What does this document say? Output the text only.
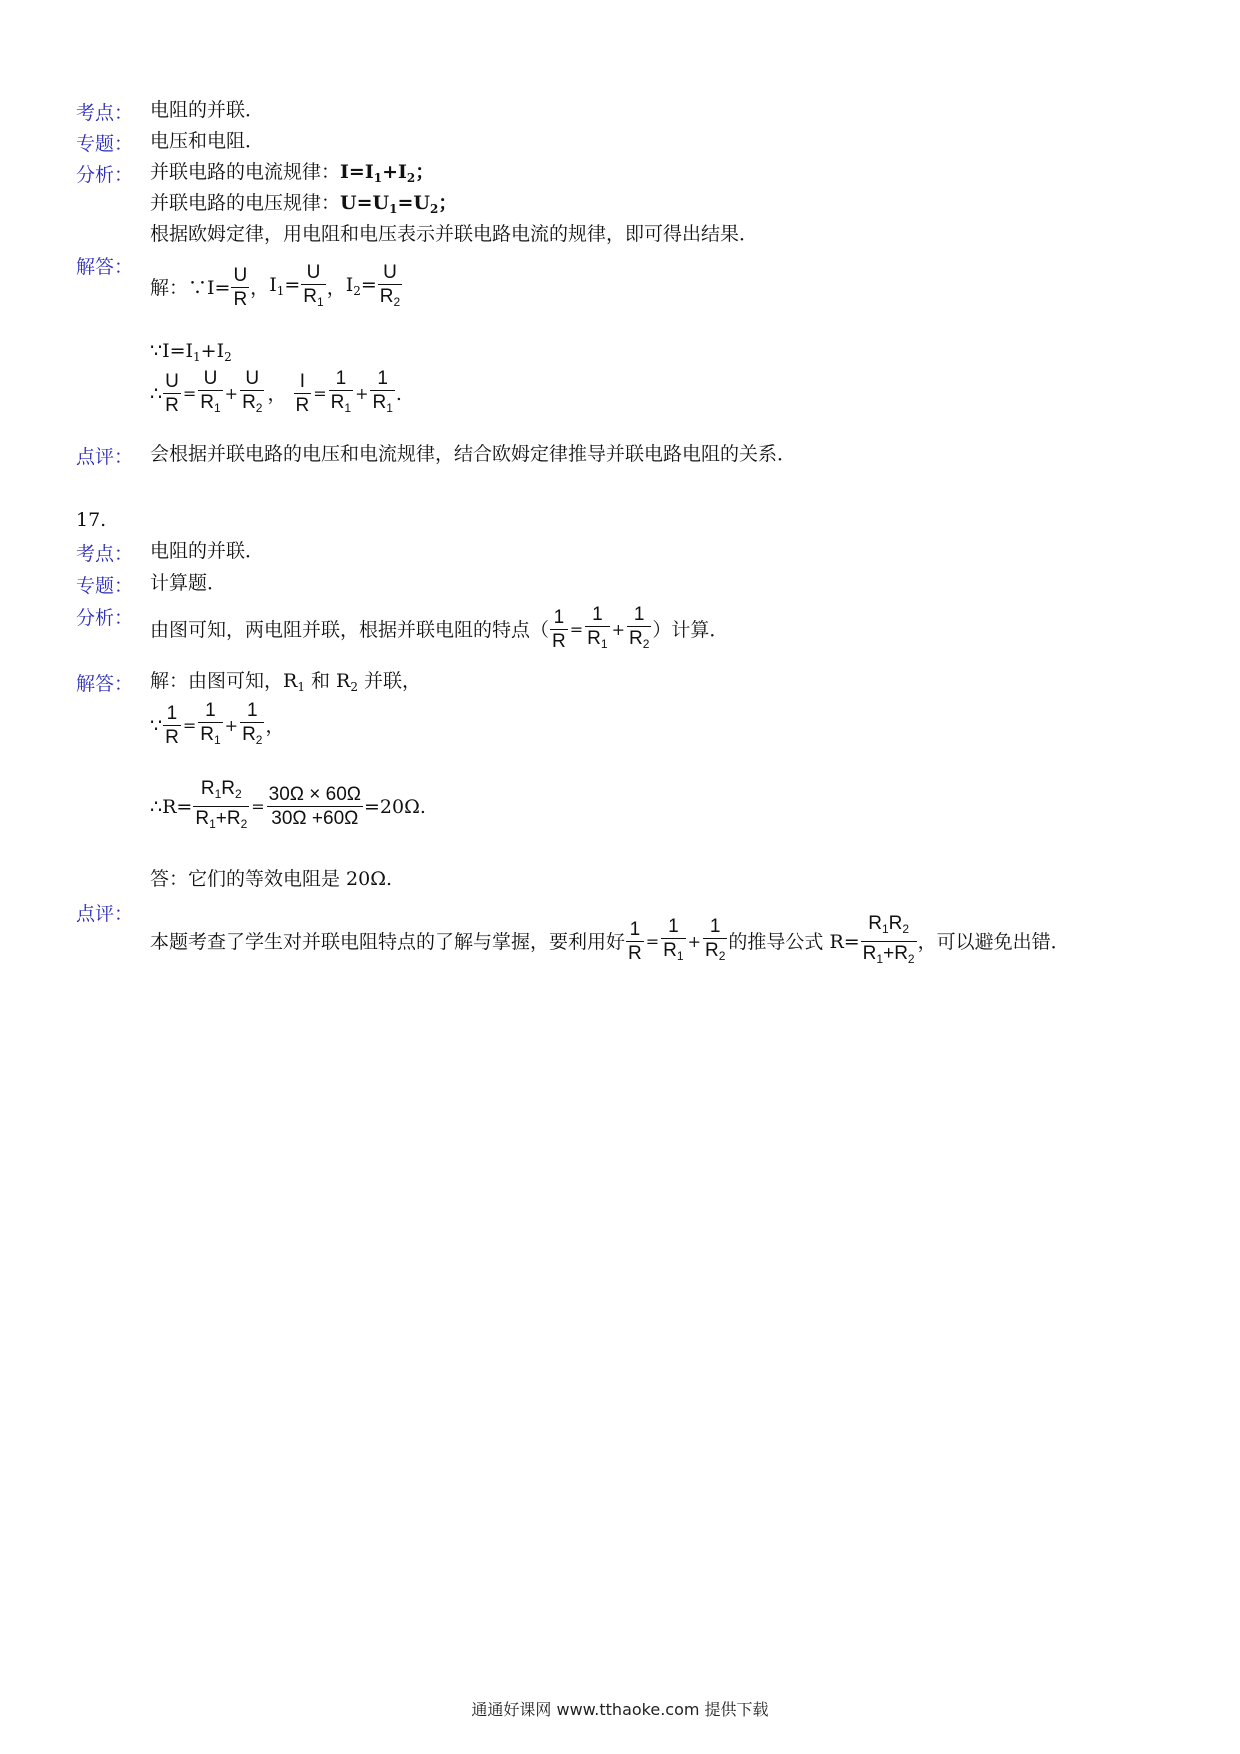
考点： 电阻的并联．
专题： 电压和电阻．
分析： 并联电路的电流规律：$I=I_1+I_2$；
并联电路的电压规律：$U=U_1=U_2$；
根据欧姆定律，用电阻和电压表示并联电路电流的规律，即可得出结果．
解答：
解：∵I= $\frac{U}{R}$ ， $I_1= \frac{U}{R_1}$ ， $I_2= \frac{U}{R_2}$
$\because I=I_1+I_2$
∴ $\frac{U}{R} = \frac{U}{R_1} + \frac{U}{R_2}$ ， $\frac{I}{R} = \frac{1}{R_1} + \frac{1}{R_1}$ .
点评： 会根据并联电路的电压和电流规律，结合欧姆定律推导并联电路电阻的关系．
17.
考点： 电阻的并联．
专题： 计算题．
分析：
由图可知，两电阻并联，根据并联电阻的特点（ $\frac{1}{R} = \frac{1}{R_1} + \frac{1}{R_2}$ ）计算．
解答： 解：由图可知，$R_1$ 和 $R_2$ 并联，
∵ $\frac{1}{R} = \frac{1}{R_1} + \frac{1}{R_2}$ ，
∴R= $\frac{R_1R_2}{R_1+R_2} = \frac{30\Omega \times 60\Omega}{30\Omega +60\Omega} =20\Omega$.
答：它们的等效电阻是 20Ω.
点评：
本题考查了学生对并联电阻特点的了解与掌握，要利用好 $\frac{1}{R} = \frac{1}{R_1} + \frac{1}{R_2}$ 的推导公式 $R= \frac{R_1R_2}{R_1+R_2}$ ，可以避免出错．
通通好课网 www.tthaoke.com 提供下载
